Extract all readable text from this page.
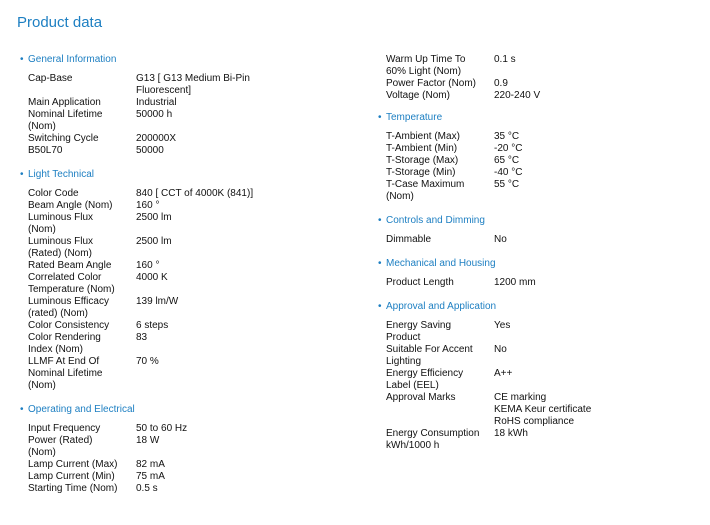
Product data
• General Information
Cap-Base	G13 [ G13 Medium Bi-Pin
Fluorescent]
Main Application	Industrial
Nominal Lifetime
(Nom)	50000 h
Switching Cycle	200000X
B50L70	50000
• Light Technical
Color Code	840 [ CCT of 4000K (841)]
Beam Angle (Nom)	160 °
Luminous Flux
(Nom)	2500 lm
Luminous Flux
(Rated) (Nom)	2500 lm
Rated Beam Angle	160 °
Correlated Color
Temperature (Nom)	4000 K
Luminous Efficacy
(rated) (Nom)	139 lm/W
Color Consistency	6 steps
Color Rendering
Index (Nom)	83
LLMF At End Of
Nominal Lifetime
(Nom)	70 %
• Operating and Electrical
Input Frequency	50 to 60 Hz
Power (Rated)
(Nom)	18 W
Lamp Current (Max)	82 mA
Lamp Current (Min)	75 mA
Starting Time (Nom)	0.5 s
Warm Up Time To
60% Light (Nom)	0.1 s
Power Factor (Nom)	0.9
Voltage (Nom)	220-240 V
• Temperature
T-Ambient (Max)	35 °C
T-Ambient (Min)	-20 °C
T-Storage (Max)	65 °C
T-Storage (Min)	-40 °C
T-Case Maximum
(Nom)	55 °C
• Controls and Dimming
Dimmable	No
• Mechanical and Housing
Product Length	1200 mm
• Approval and Application
Energy Saving
Product	Yes
Suitable For Accent
Lighting	No
Energy Efficiency
Label (EEL)	A++
Approval Marks	CE marking
KEMA Keur certificate
RoHS compliance
Energy Consumption
kWh/1000 h	18 kWh
